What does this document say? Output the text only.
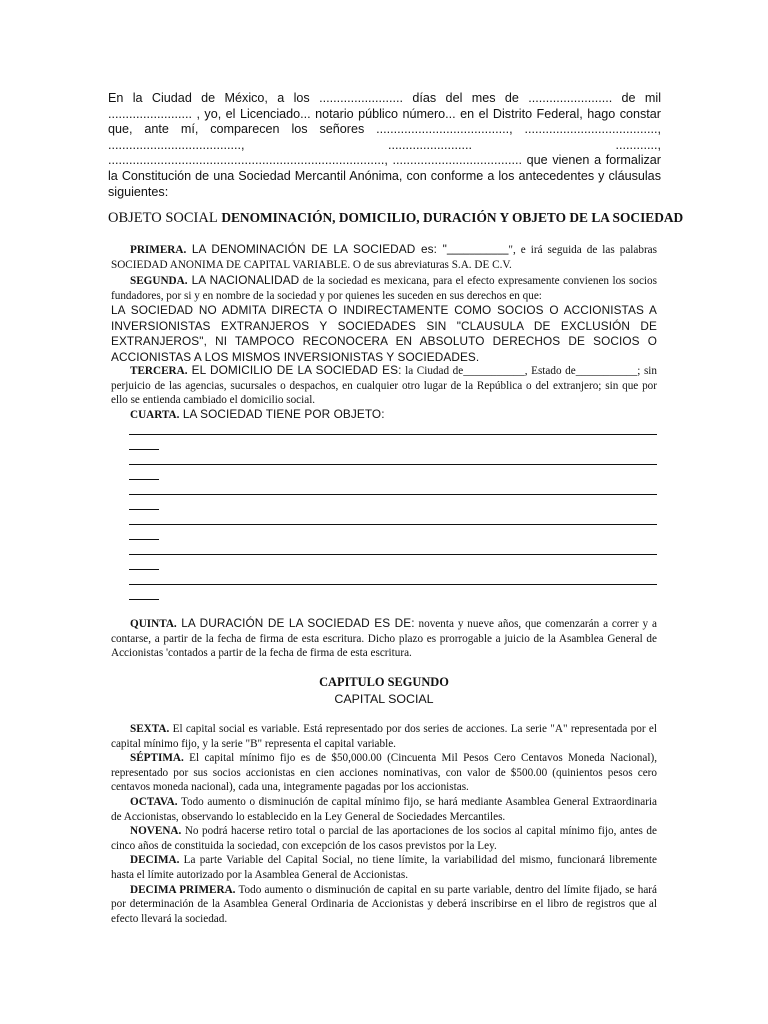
En la Ciudad de México, a los ........................ días del mes de ........................ de mil ........................ , yo, el Licenciado... notario público número... en el Distrito Federal, hago constar que, ante mí, comparecen los señores ......................................, ......................................, ......................................, ........................ ............, ..............................................................................., ..................................... que vienen a formalizar la Constitución de una Sociedad Mercantil Anónima, con conforme a los antecedentes y cláusulas siguientes:

OBJETO SOCIAL DENOMINACIÓN, DOMICILIO, DURACIÓN Y OBJETO DE LA SOCIEDAD

PRIMERA. LA DENOMINACIÓN DE LA SOCIEDAD es: "___________", e irá seguida de las palabras SOCIEDAD ANONIMA DE CAPITAL VARIABLE. O de sus abreviaturas S.A. DE C.V.

SEGUNDA. LA NACIONALIDAD de la sociedad es mexicana, para el efecto expresamente convienen los socios fundadores, por si y en nombre de la sociedad y por quienes les suceden en sus derechos en que:
LA SOCIEDAD NO ADMITA DIRECTA O INDIRECTAMENTE COMO SOCIOS O ACCIONISTAS A INVERSIONISTAS EXTRANJEROS Y SOCIEDADES SIN "CLAUSULA DE EXCLUSIÓN DE EXTRANJEROS", NI TAMPOCO RECONOCERA EN ABSOLUTO DERECHOS DE SOCIOS O ACCIONISTAS A LOS MISMOS INVERSIONISTAS Y SOCIEDADES.

TERCERA. EL DOMICILIO DE LA SOCIEDAD ES: la Ciudad de___________, Estado de___________; sin perjuicio de las agencias, sucursales o despachos, en cualquier otro lugar de la República o del extranjero; sin que por ello se entienda cambiado el domicilio social.

CUARTA. LA SOCIEDAD TIENE POR OBJETO:

QUINTA. LA DURACIÓN DE LA SOCIEDAD ES DE: noventa y nueve años, que comenzarán a correr y a contarse, a partir de la fecha de firma de esta escritura. Dicho plazo es prorrogable a juicio de la Asamblea General de Accionistas 'contados a partir de la fecha de firma de esta escritura.

CAPITULO SEGUNDO

CAPITAL SOCIAL

SEXTA. El capital social es variable. Está representado por dos series de acciones. La serie "A" representada por el capital mínimo fijo, y la serie "B" representa el capital variable.
SÉPTIMA. El capital mínimo fijo es de $50,000.00 (Cincuenta Mil Pesos Cero Centavos Moneda Nacional), representado por sus socios accionistas en cien acciones nominativas, con valor de $500.00 (quinientos pesos cero centavos moneda nacional), cada una, integramente pagadas por los accionistas.
OCTAVA. Todo aumento o disminución de capital mínimo fijo, se hará mediante Asamblea General Extraordinaria de Accionistas, observando lo establecido en la Ley General de Sociedades Mercantiles.
NOVENA. No podrá hacerse retiro total o parcial de las aportaciones de los socios al capital mínimo fijo, antes de cinco años de constituida la sociedad, con excepción de los casos previstos por la Ley.
DECIMA. La parte Variable del Capital Social, no tiene límite, la variabilidad del mismo, funcionará libremente hasta el límite autorizado por la Asamblea General de Accionistas.
DECIMA PRIMERA. Todo aumento o disminución de capital en su parte variable, dentro del límite fijado, se hará por determinación de la Asamblea General Ordinaria de Accionistas y deberá inscribirse en el libro de registros que al efecto llevará la sociedad.
